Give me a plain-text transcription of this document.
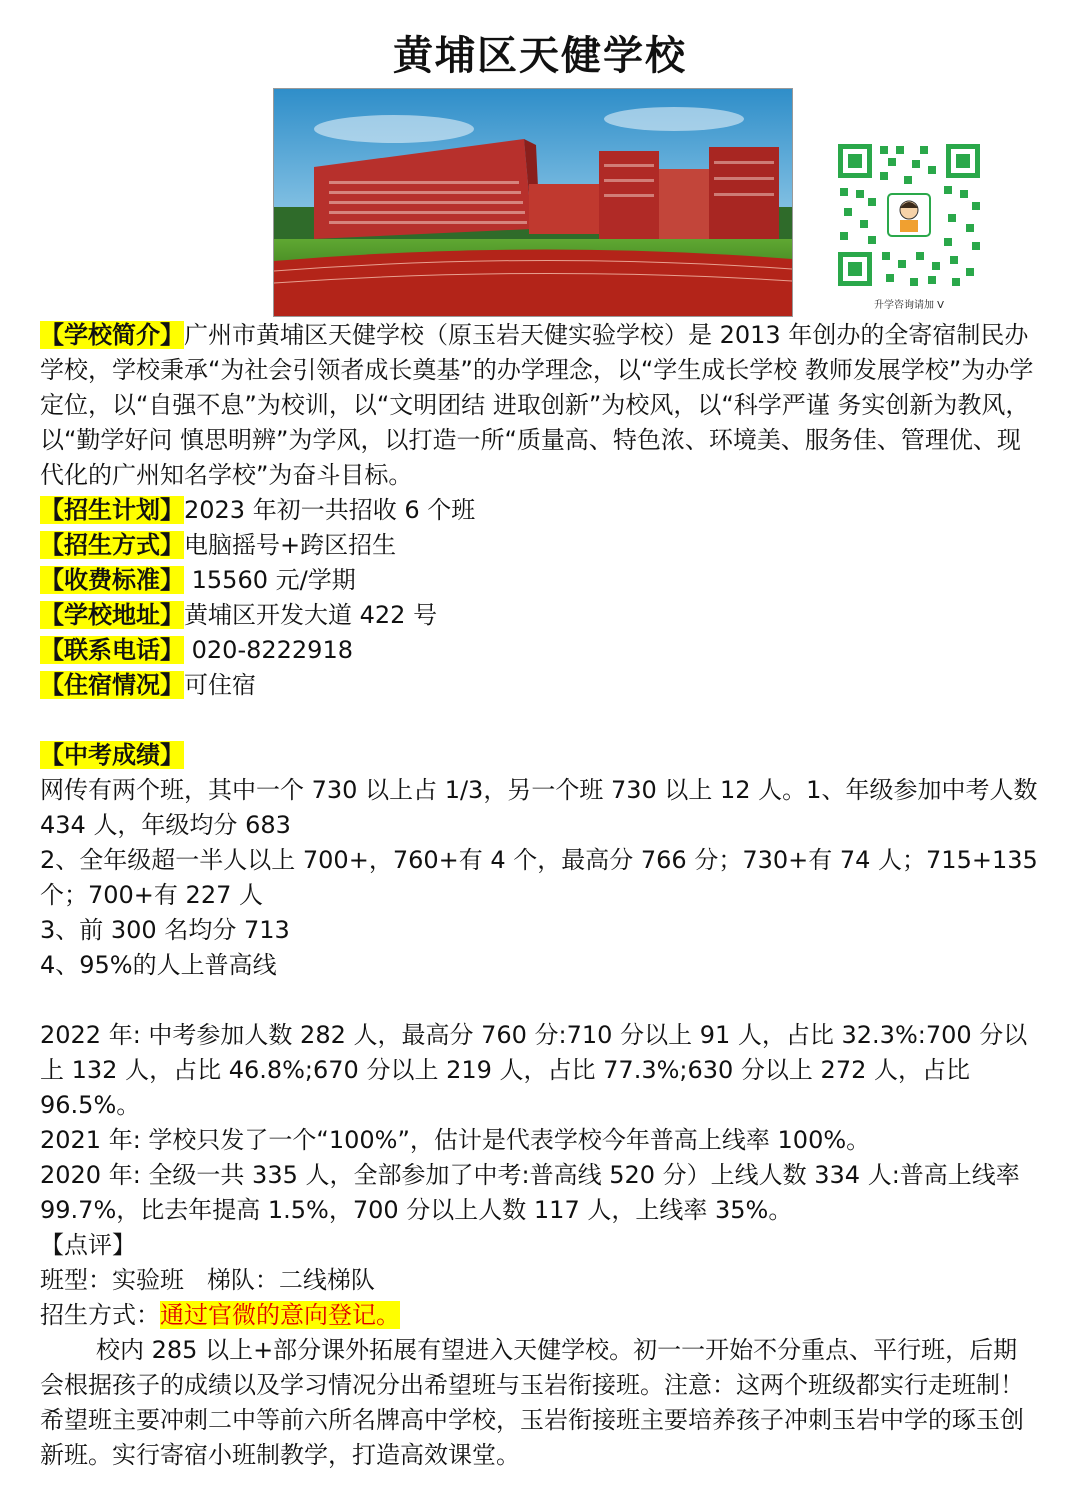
黄埔区天健学校
升学咨询请加 V

【学校简介】广州市黄埔区天健学校（原玉岩天健实验学校）是 2013 年创办的全寄宿制民办学校，学校秉承“为社会引领者成长奠基”的办学理念，以“学生成长学校 教师发展学校”为办学定位，以“自强不息”为校训，以“文明团结 进取创新”为校风，以“科学严谨 务实创新为教风，以“勤学好问 慎思明辨”为学风，以打造一所“质量高、特色浓、环境美、服务佳、管理优、现代化的广州知名学校”为奋斗目标。

【招生计划】2023 年初一共招收 6 个班

【招生方式】电脑摇号+跨区招生

【收费标准】 15560 元/学期

【学校地址】黄埔区开发大道 422 号

【联系电话】 020-8222918

【住宿情况】可住宿

【中考成绩】

网传有两个班，其中一个 730 以上占 1/3，另一个班 730 以上 12 人。1、年级参加中考人数 434 人，年级均分 683

2、全年级超一半人以上 700+，760+有 4 个，最高分 766 分；730+有 74 人；715+135 个；700+有 227 人

3、前 300 名均分 713

4、95%的人上普高线

2022 年: 中考参加人数 282 人，最高分 760 分:710 分以上 91 人，占比 32.3%:700 分以上 132 人，占比 46.8%;670 分以上 219 人，占比 77.3%;630 分以上 272 人，占比 96.5%。

2021 年: 学校只发了一个“100%”，估计是代表学校今年普高上线率 100%。

2020 年: 全级一共 335 人，全部参加了中考:普高线 520 分）上线人数 334 人:普高上线率 99.7%，比去年提高 1.5%，700 分以上人数 117 人，上线率 35%。

【点评】

班型：实验班   梯队：二线梯队

招生方式：通过官微的意向登记。

校内 285 以上+部分课外拓展有望进入天健学校。初一一开始不分重点、平行班，后期会根据孩子的成绩以及学习情况分出希望班与玉岩衔接班。注意：这两个班级都实行走班制！希望班主要冲刺二中等前六所名牌高中学校，玉岩衔接班主要培养孩子冲刺玉岩中学的琢玉创新班。实行寄宿小班制教学，打造高效课堂。
